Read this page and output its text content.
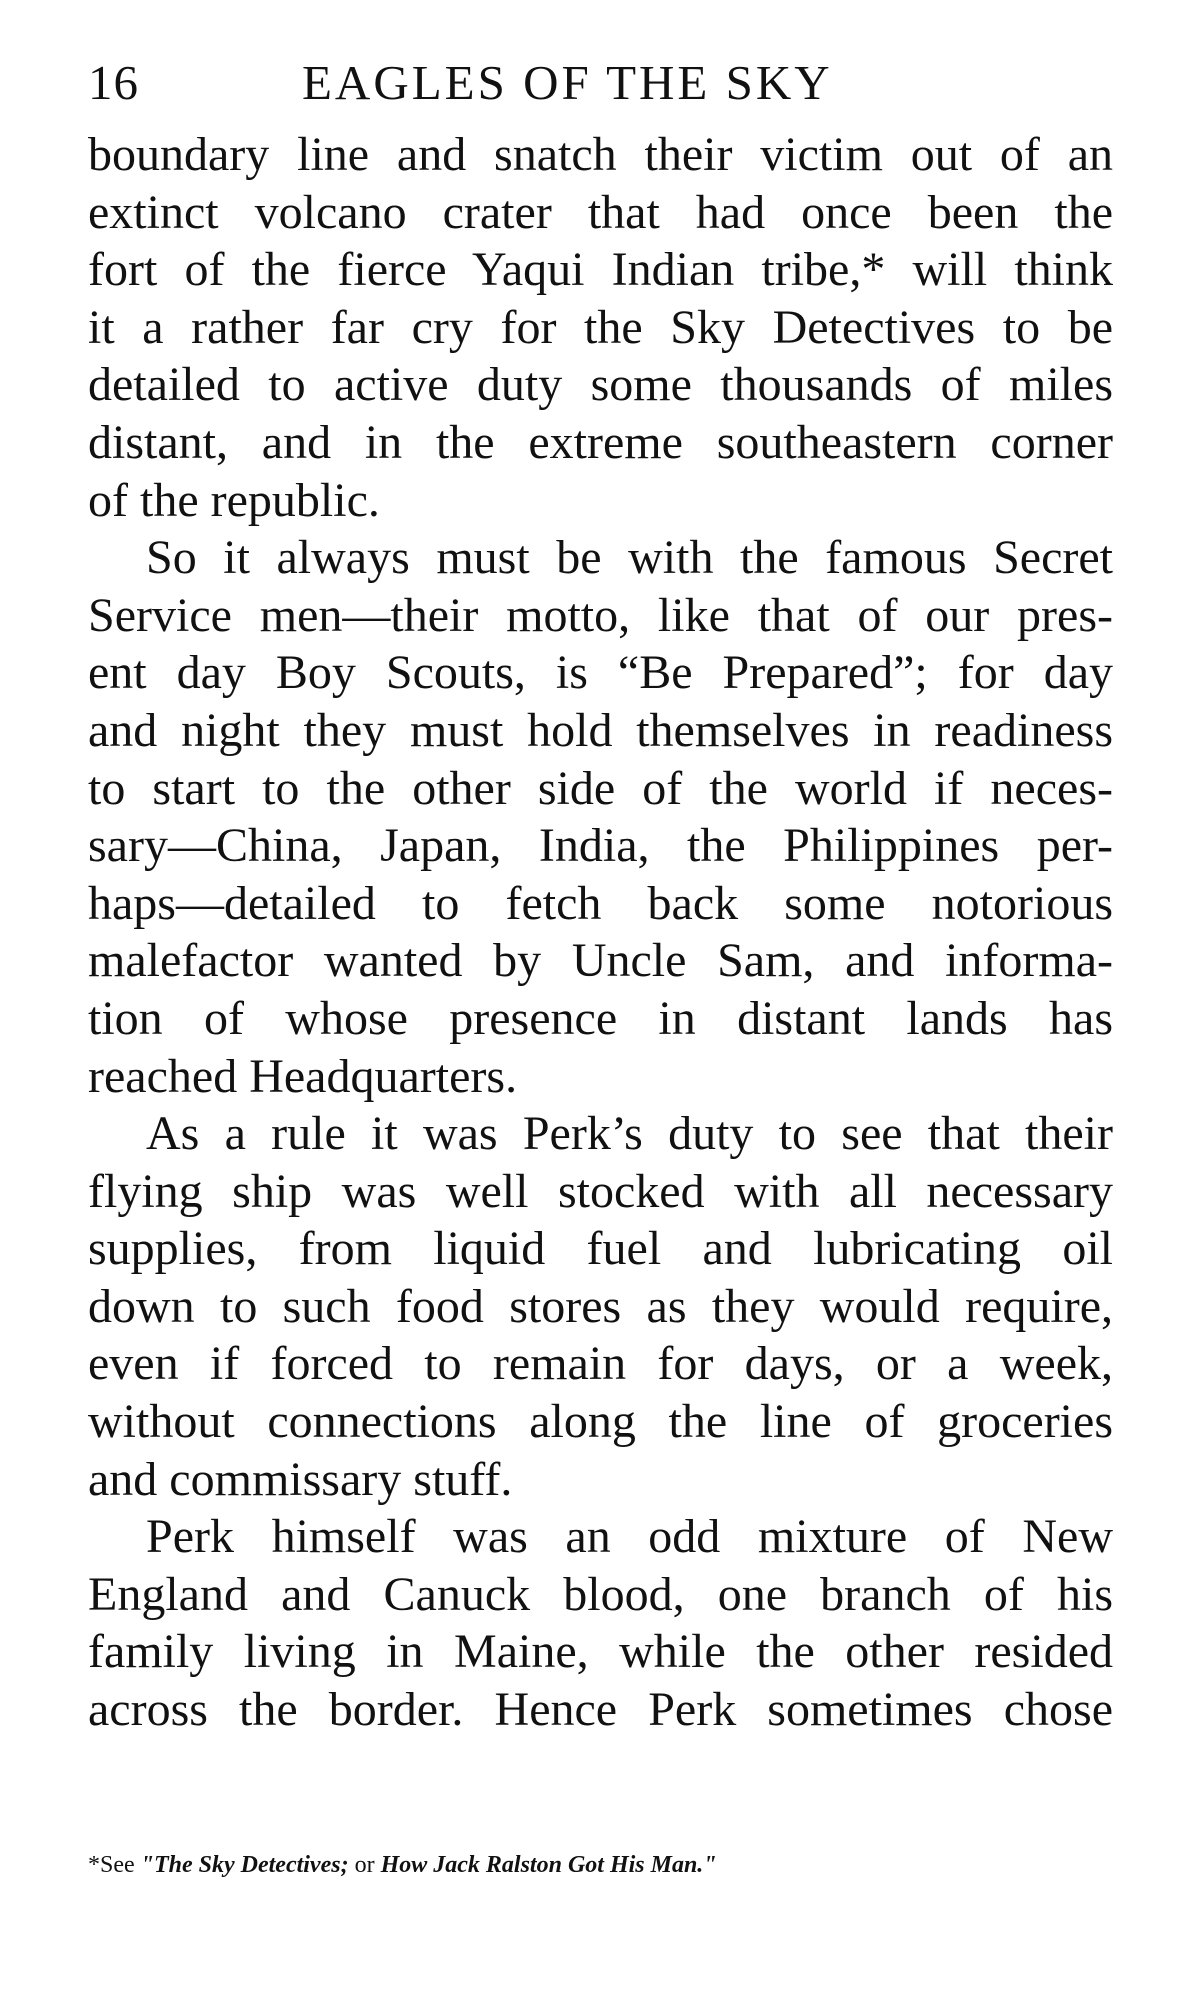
16	EAGLES OF THE SKY
boundary line and snatch their victim out of an
extinct volcano crater that had once been the
fort of the fierce Yaqui Indian tribe,* will think
it a rather far cry for the Sky Detectives to be
detailed to active duty some thousands of miles
distant, and in the extreme southeastern corner
of the republic.
So it always must be with the famous Secret
Service men—their motto, like that of our pres-
ent day Boy Scouts, is “Be Prepared”; for day
and night they must hold themselves in readiness
to start to the other side of the world if neces-
sary—China, Japan, India, the Philippines per-
haps—detailed to fetch back some notorious
malefactor wanted by Uncle Sam, and informa-
tion of whose presence in distant lands has
reached Headquarters.
As a rule it was Perk’s duty to see that their
flying ship was well stocked with all necessary
supplies, from liquid fuel and lubricating oil
down to such food stores as they would require,
even if forced to remain for days, or a week,
without connections along the line of groceries
and commissary stuff.
Perk himself was an odd mixture of New
England and Canuck blood, one branch of his
family living in Maine, while the other resided
across the border. Hence Perk sometimes chose
*See "The Sky Detectives; or How Jack Ralston Got His Man."
